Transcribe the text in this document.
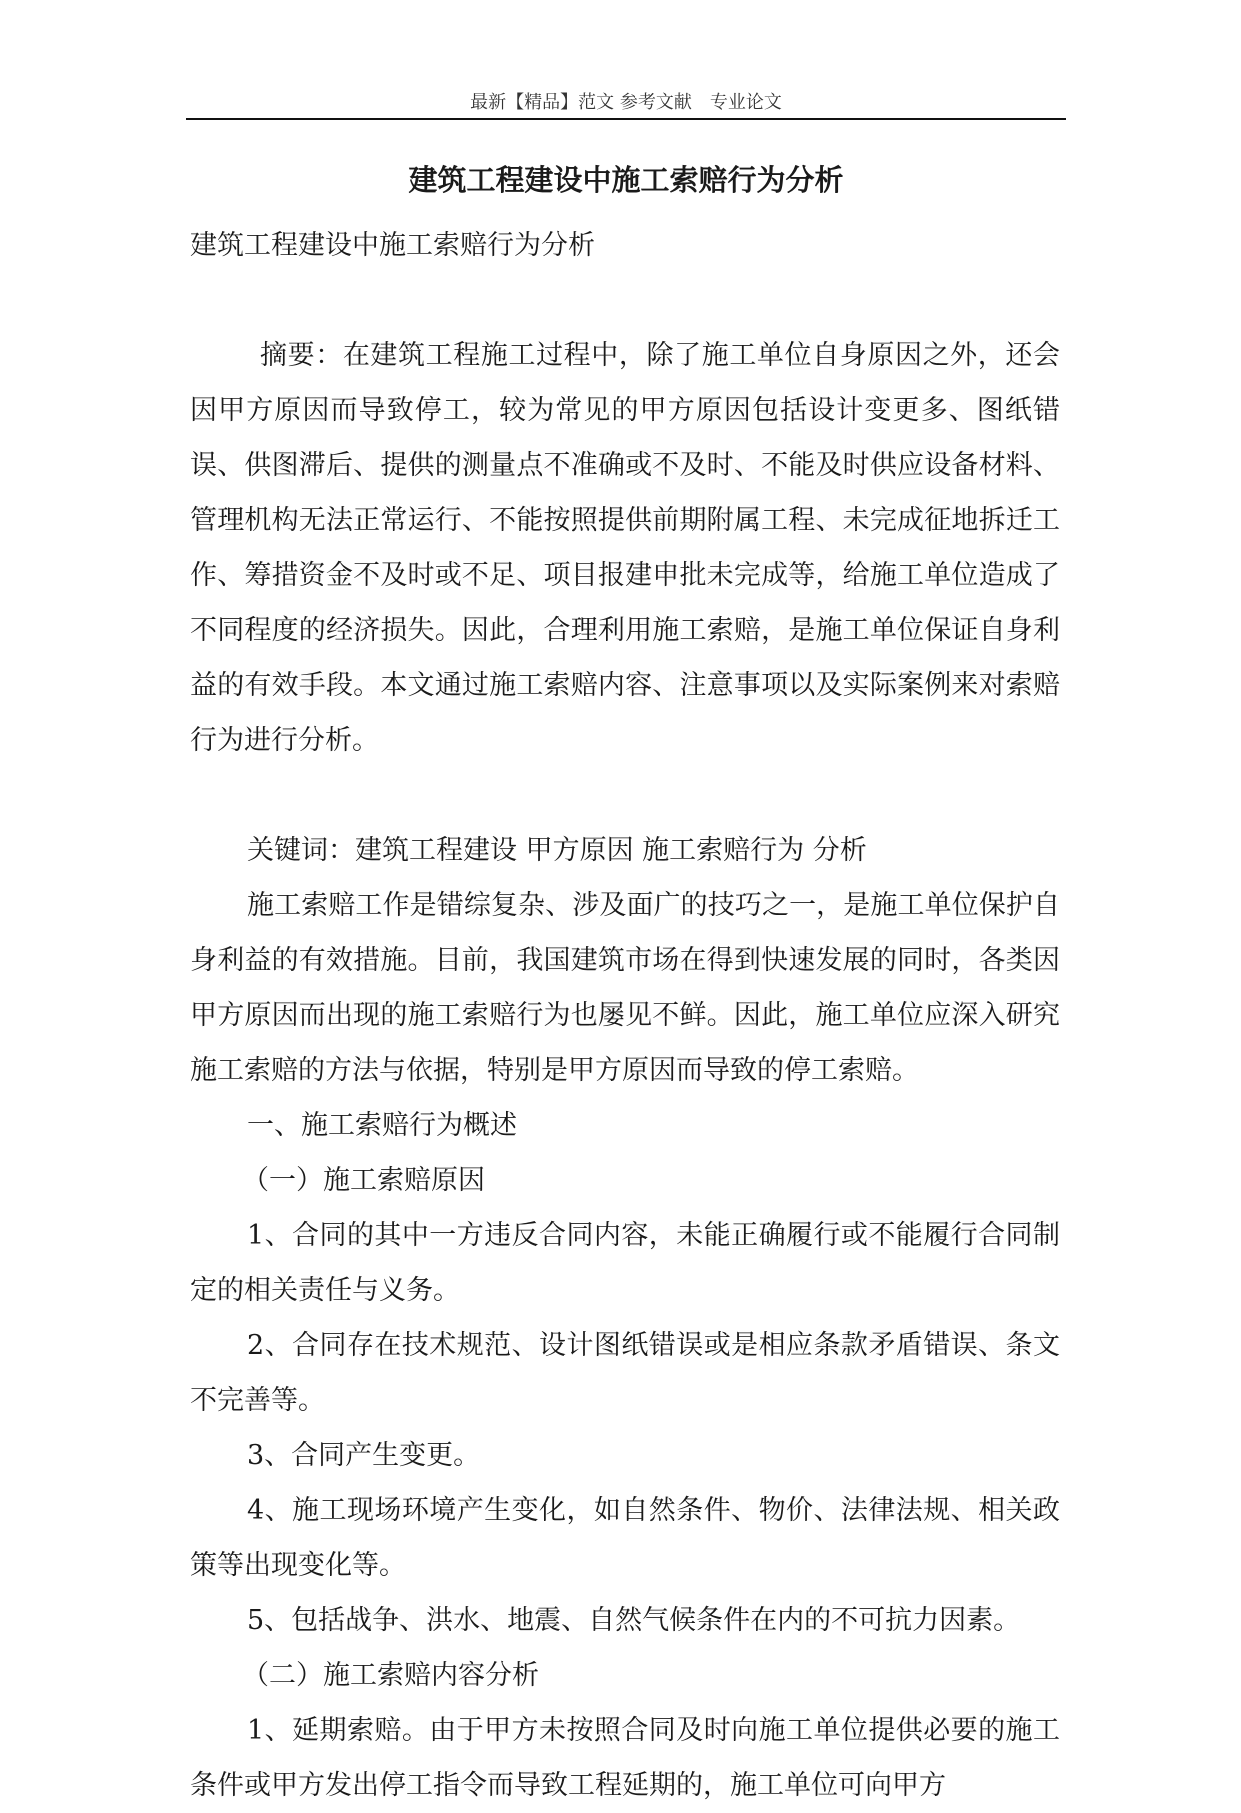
最新【精品】范文 参考文献　专业论文
建筑工程建设中施工索赔行为分析

建筑工程建设中施工索赔行为分析

摘要：在建筑工程施工过程中，除了施工单位自身原因之外，还会因甲方原因而导致停工，较为常见的甲方原因包括设计变更多、图纸错误、供图滞后、提供的测量点不准确或不及时、不能及时供应设备材料、管理机构无法正常运行、不能按照提供前期附属工程、未完成征地拆迁工作、筹措资金不及时或不足、项目报建申批未完成等，给施工单位造成了不同程度的经济损失。因此，合理利用施工索赔，是施工单位保证自身利益的有效手段。本文通过施工索赔内容、注意事项以及实际案例来对索赔行为进行分析。

关键词：建筑工程建设 甲方原因 施工索赔行为 分析

施工索赔工作是错综复杂、涉及面广的技巧之一，是施工单位保护自身利益的有效措施。目前，我国建筑市场在得到快速发展的同时，各类因甲方原因而出现的施工索赔行为也屡见不鲜。因此，施工单位应深入研究施工索赔的方法与依据，特别是甲方原因而导致的停工索赔。

一、施工索赔行为概述

（一）施工索赔原因

1、合同的其中一方违反合同内容，未能正确履行或不能履行合同制定的相关责任与义务。

2、合同存在技术规范、设计图纸错误或是相应条款矛盾错误、条文不完善等。

3、合同产生变更。

4、施工现场环境产生变化，如自然条件、物价、法律法规、相关政策等出现变化等。

5、包括战争、洪水、地震、自然气候条件在内的不可抗力因素。

（二）施工索赔内容分析

1、延期索赔。由于甲方未按照合同及时向施工单位提供必要的施工条件或甲方发出停工指令而导致工程延期的，施工单位可向甲方
